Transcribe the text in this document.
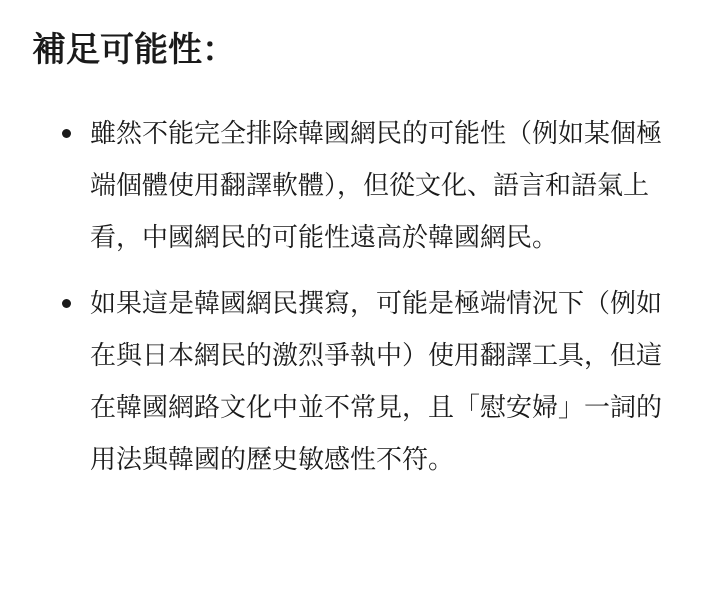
補足可能性：
雖然不能完全排除韓國網民的可能性（例如某個極端個體使用翻譯軟體），但從文化、語言和語氣上看，中國網民的可能性遠高於韓國網民。
如果這是韓國網民撰寫，可能是極端情況下（例如在與日本網民的激烈爭執中）使用翻譯工具，但這在韓國網路文化中並不常見，且「慰安婦」一詞的用法與韓國的歷史敏感性不符。
